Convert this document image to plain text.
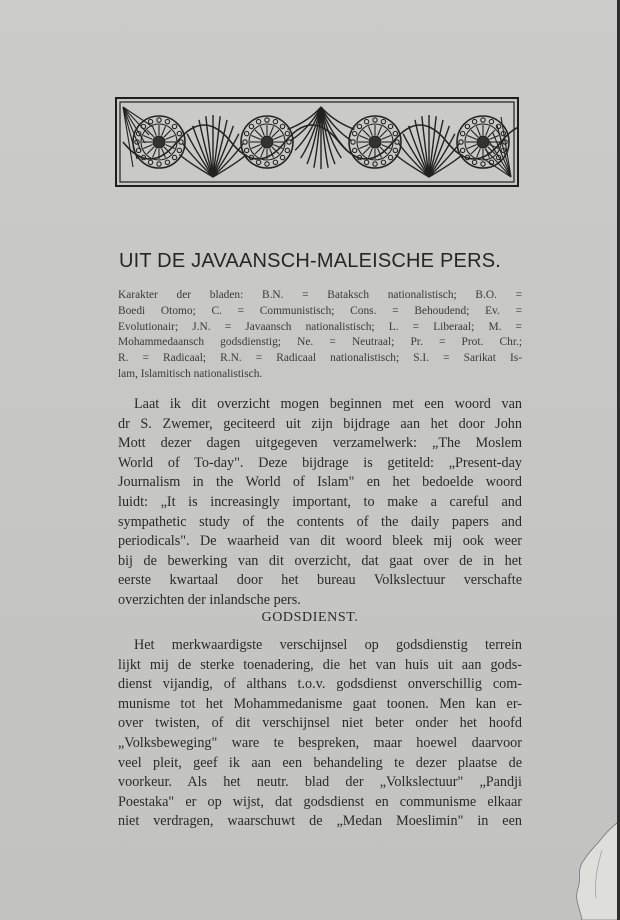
UIT DE JAVAANSCH-MALEISCHE PERS.
Karakter der bladen: B.N. = Bataksch nationalistisch; B.O. =
Boedi Otomo; C. = Communistisch; Cons. = Behoudend; Ev. =
Evolutionair; J.N. = Javaansch nationalistisch; L. = Liberaal; M. =
Mohammedaansch godsdienstig; Ne. = Neutraal; Pr. = Prot. Chr.;
R. = Radicaal; R.N. = Radicaal nationalistisch; S.I. = Sarikat Is-
lam, Islamitisch nationalistisch.
Laat ik dit overzicht mogen beginnen met een woord van
dr S. Zwemer, geciteerd uit zijn bijdrage aan het door John
Mott dezer dagen uitgegeven verzamelwerk: „The Moslem
World of To-day". Deze bijdrage is getiteld: „Present-day
Journalism in the World of Islam" en het bedoelde woord
luidt: „It is increasingly important, to make a careful and
sympathetic study of the contents of the daily papers and
periodicals". De waarheid van dit woord bleek mij ook weer
bij de bewerking van dit overzicht, dat gaat over de in het
eerste kwartaal door het bureau Volkslectuur verschafte
overzichten der inlandsche pers.
GODSDIENST.
Het merkwaardigste verschijnsel op godsdienstig terrein
lijkt mij de sterke toenadering, die het van huis uit aan gods-
dienst vijandig, of althans t.o.v. godsdienst onverschillig com-
munisme tot het Mohammedanisme gaat toonen. Men kan er-
over twisten, of dit verschijnsel niet beter onder het hoofd
„Volksbeweging" ware te bespreken, maar hoewel daarvoor
veel pleit, geef ik aan een behandeling te dezer plaatse de
voorkeur. Als het neutr. blad der „Volkslectuur" „Pandji
Poestaka" er op wijst, dat godsdienst en communisme elkaar
niet verdragen, waarschuwt de „Medan Moeslimin" in een
